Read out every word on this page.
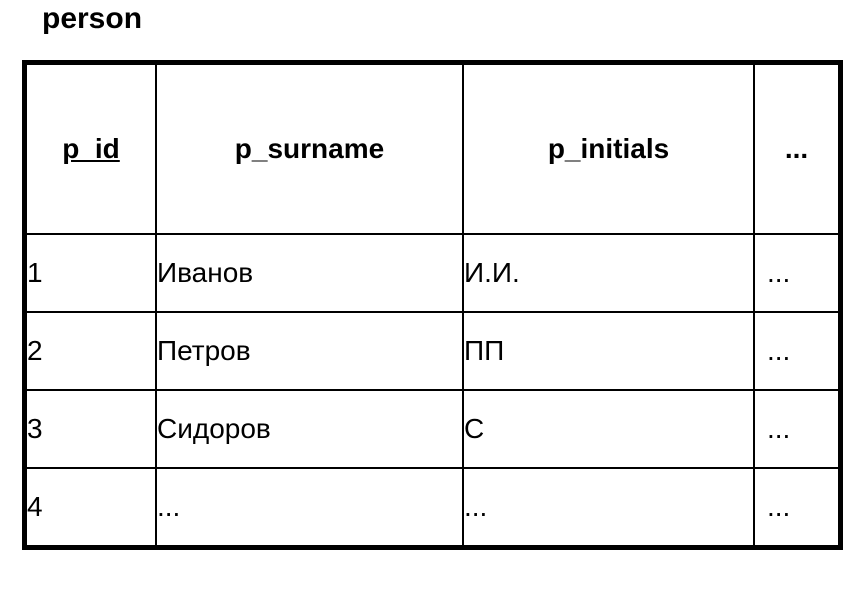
person
p_id	p_surname	p_initials	...

1	Иванов	И.И.	...
2	Петров	ПП	...
3	Сидоров	С	...
4	...	...	...
